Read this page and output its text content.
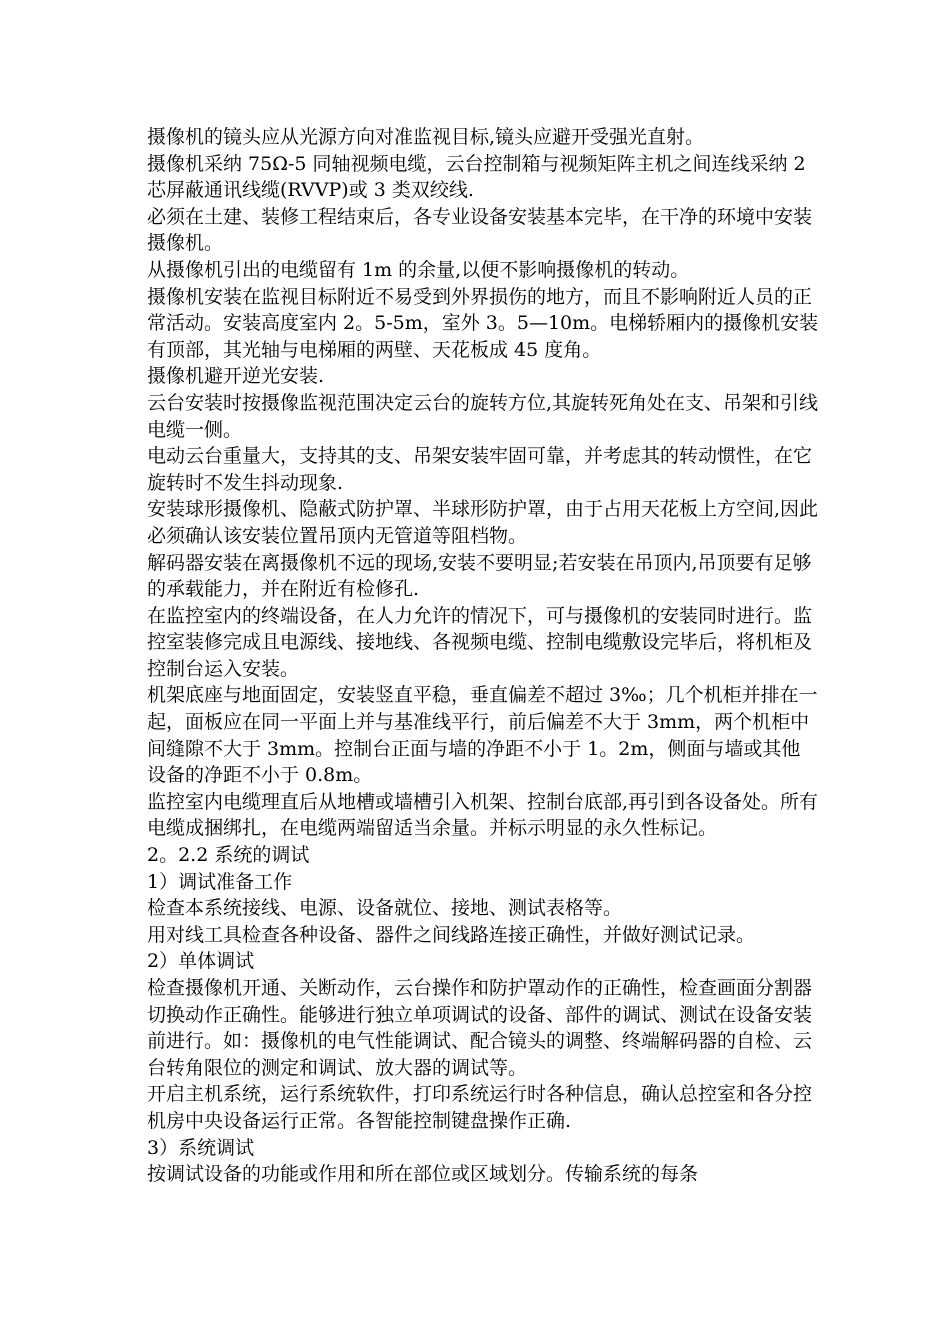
摄像机的镜头应从光源方向对准监视目标,镜头应避开受强光直射。

摄像机采纳 75Ω-5 同轴视频电缆，云台控制箱与视频矩阵主机之间连线采纳 2 芯屏蔽通讯线缆(RVVP)或 3 类双绞线.

必须在土建、装修工程结束后，各专业设备安装基本完毕，在干净的环境中安装摄像机。

从摄像机引出的电缆留有 1m 的余量,以便不影响摄像机的转动。

摄像机安装在监视目标附近不易受到外界损伤的地方，而且不影响附近人员的正常活动。安装高度室内 2。5-5m，室外 3。5—10m。电梯轿厢内的摄像机安装有顶部，其光轴与电梯厢的两壁、天花板成 45 度角。

摄像机避开逆光安装.

云台安装时按摄像监视范围决定云台的旋转方位,其旋转死角处在支、吊架和引线电缆一侧。

电动云台重量大，支持其的支、吊架安装牢固可靠，并考虑其的转动惯性，在它旋转时不发生抖动现象.

安装球形摄像机、隐蔽式防护罩、半球形防护罩，由于占用天花板上方空间,因此必须确认该安装位置吊顶内无管道等阻档物。

解码器安装在离摄像机不远的现场,安装不要明显;若安装在吊顶内,吊顶要有足够的承载能力，并在附近有检修孔.

在监控室内的终端设备，在人力允许的情况下，可与摄像机的安装同时进行。监控室装修完成且电源线、接地线、各视频电缆、控制电缆敷设完毕后，将机柜及控制台运入安装。

机架底座与地面固定，安装竖直平稳，垂直偏差不超过 3‰；几个机柜并排在一起，面板应在同一平面上并与基准线平行，前后偏差不大于 3mm，两个机柜中间缝隙不大于 3mm。控制台正面与墙的净距不小于 1。2m，侧面与墙或其他设备的净距不小于 0.8m。

监控室内电缆理直后从地槽或墙槽引入机架、控制台底部,再引到各设备处。所有电缆成捆绑扎，在电缆两端留适当余量。并标示明显的永久性标记。

2。2.2 系统的调试

1）调试准备工作

检查本系统接线、电源、设备就位、接地、测试表格等。

用对线工具检查各种设备、器件之间线路连接正确性，并做好测试记录。

2）单体调试

检查摄像机开通、关断动作，云台操作和防护罩动作的正确性，检查画面分割器切换动作正确性。能够进行独立单项调试的设备、部件的调试、测试在设备安装前进行。如：摄像机的电气性能调试、配合镜头的调整、终端解码器的自检、云台转角限位的测定和调试、放大器的调试等。

开启主机系统，运行系统软件，打印系统运行时各种信息，确认总控室和各分控机房中央设备运行正常。各智能控制键盘操作正确.

3）系统调试

按调试设备的功能或作用和所在部位或区域划分。传输系统的每条
